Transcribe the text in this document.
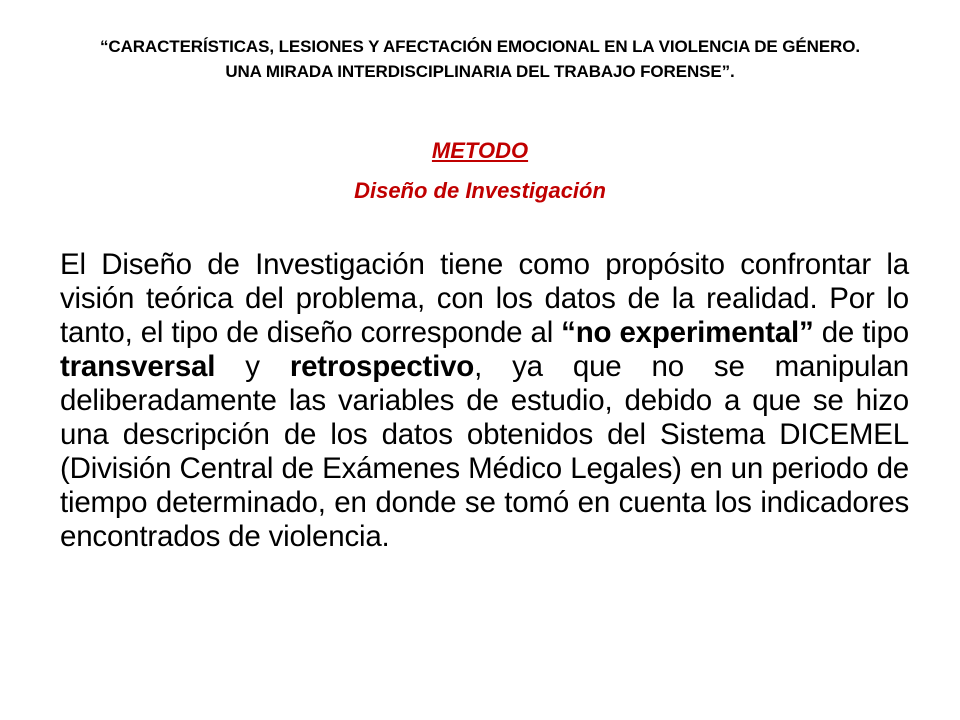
“CARACTERÍSTICAS, LESIONES Y AFECTACIÓN EMOCIONAL EN LA VIOLENCIA DE GÉNERO. UNA MIRADA INTERDISCIPLINARIA DEL TRABAJO FORENSE”.
METODO
Diseño de Investigación
El Diseño de Investigación tiene como propósito confrontar la visión teórica del problema, con los datos de la realidad. Por lo tanto, el tipo de diseño corresponde al “no experimental” de tipo transversal y retrospectivo, ya que no se manipulan deliberadamente las variables de estudio, debido a que se hizo una descripción de los datos obtenidos del Sistema DICEMEL (División Central de Exámenes Médico Legales) en un periodo de tiempo determinado, en donde se tomó en cuenta los indicadores encontrados de violencia.
